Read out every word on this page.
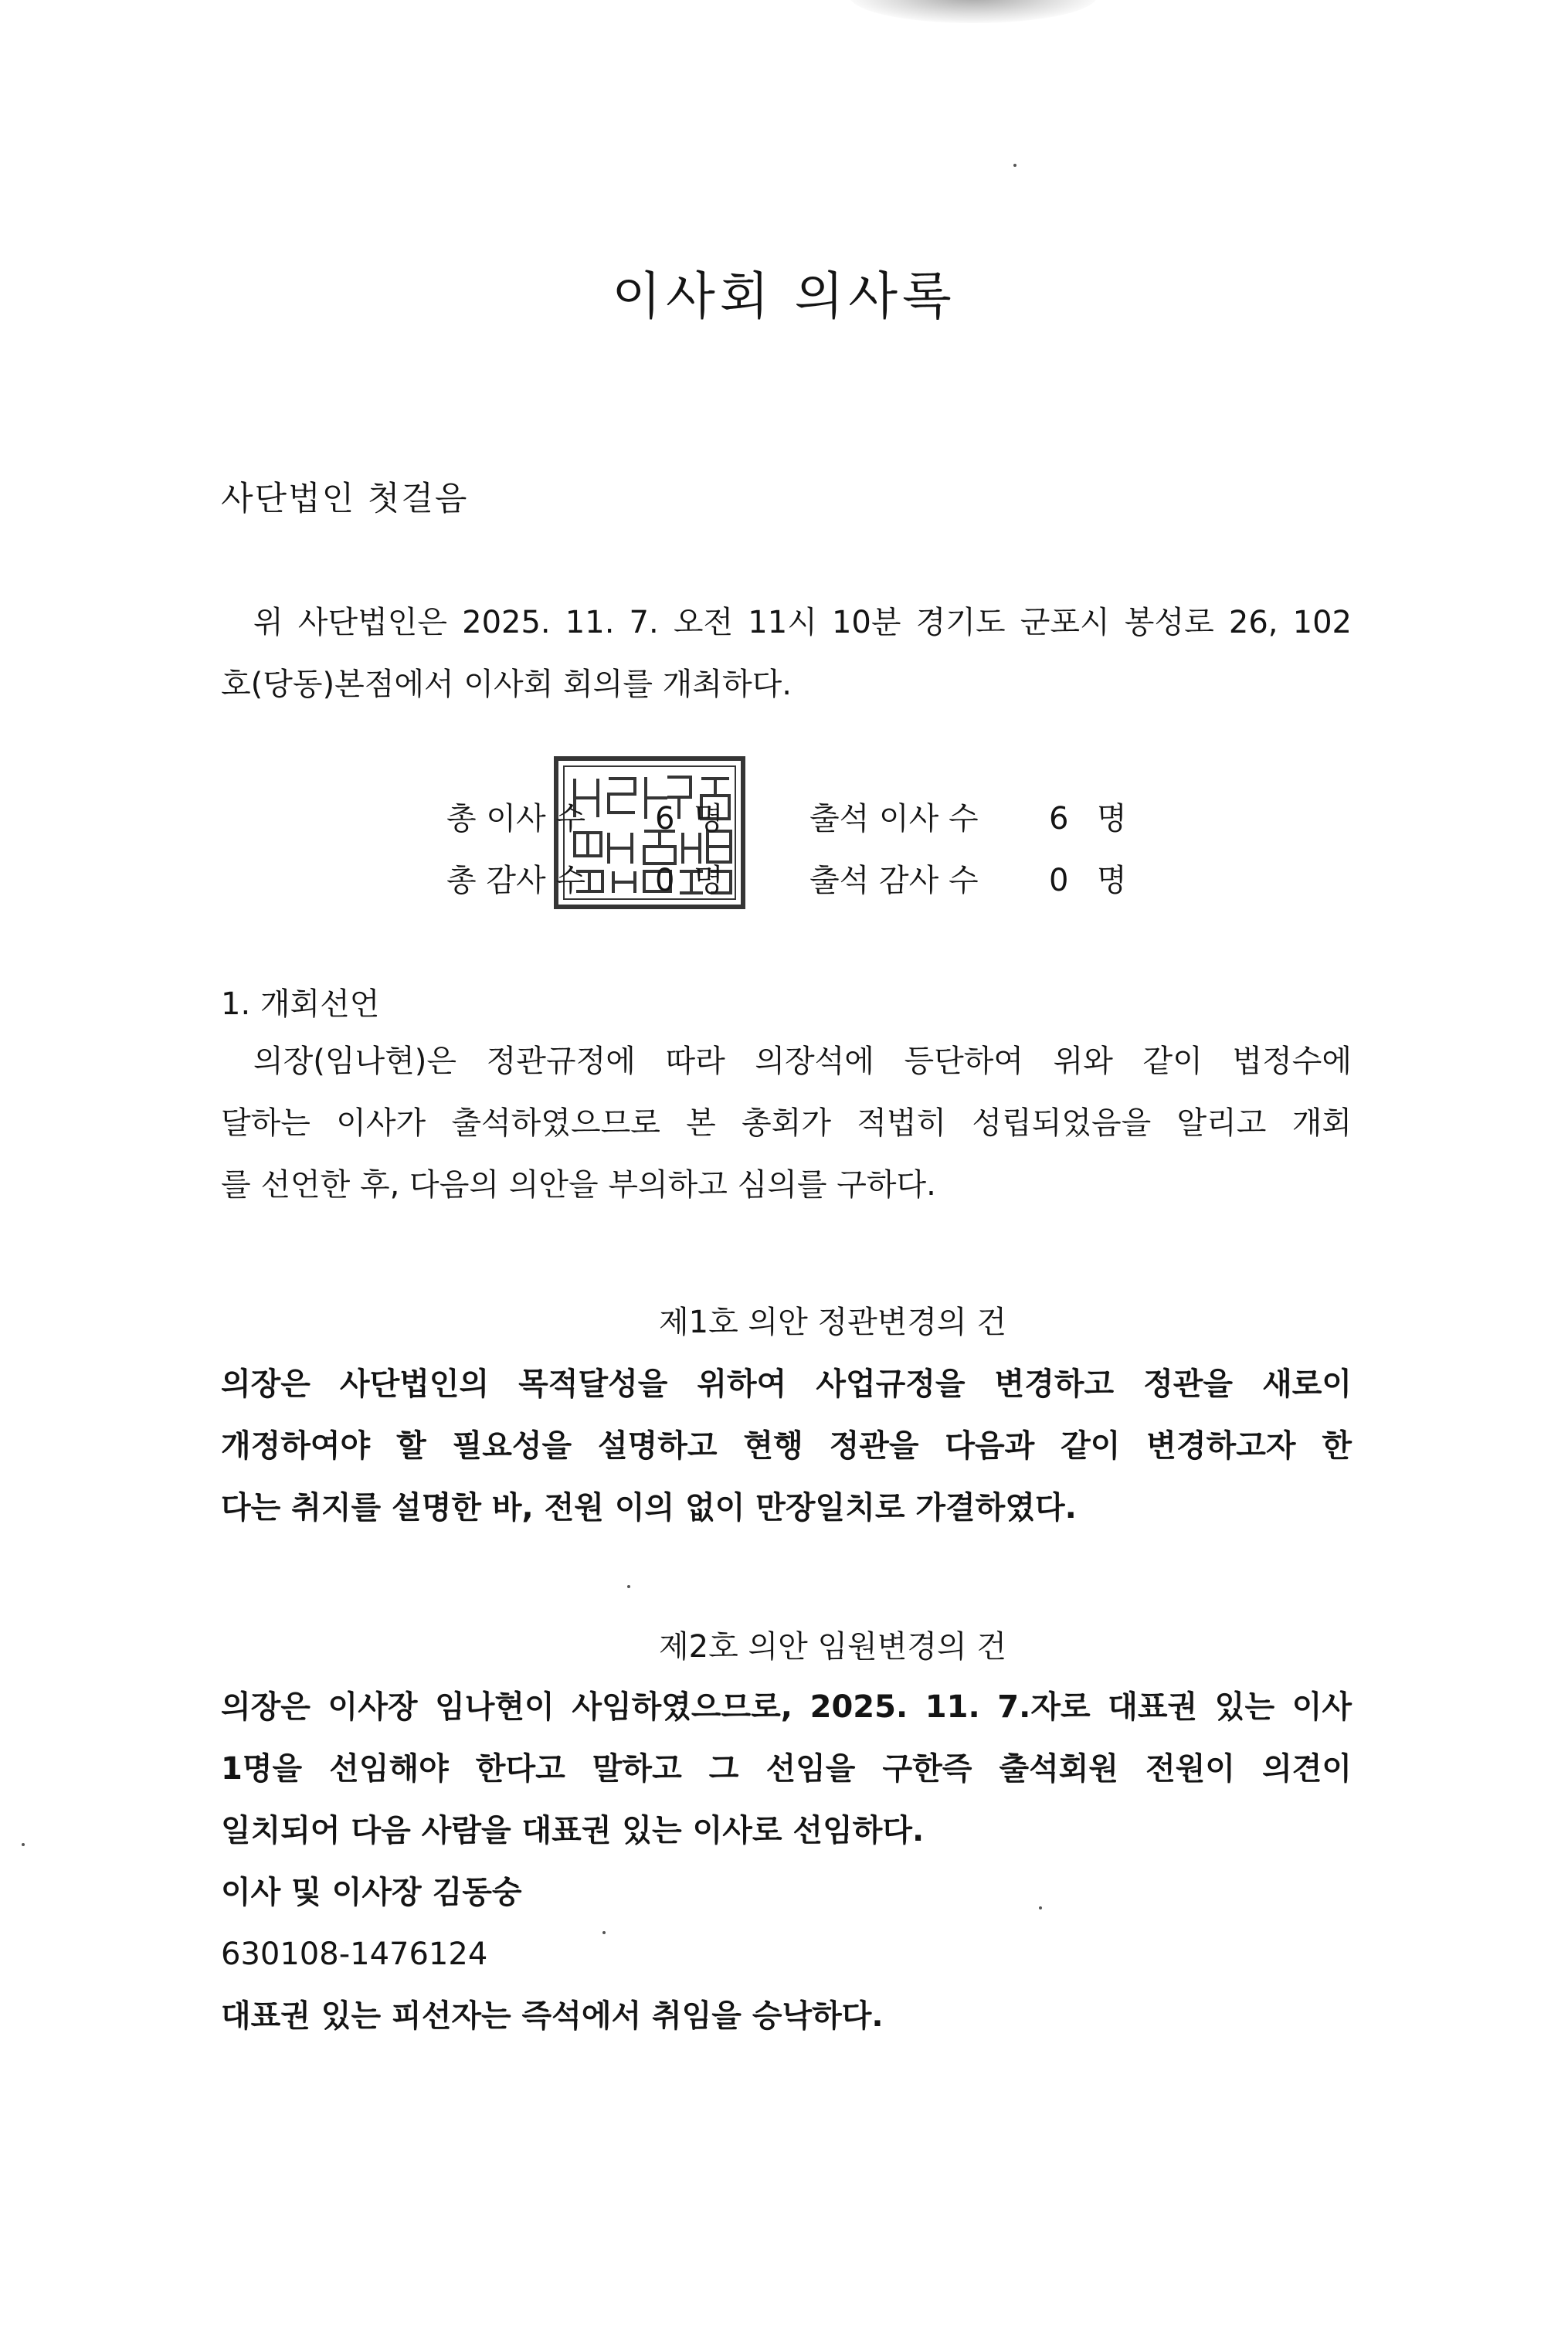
이사회 의사록
사단법인 첫걸음
위 사단법인은 2025. 11. 7. 오전 11시 10분 경기도 군포시 봉성로 26, 102
호(당동)본점에서 이사회 회의를 개최하다.
총 이사 수 6 명	출석 이사 수 6 명
총 감사 수 0 명	출석 감사 수 0 명
1. 개회선언
의장(임나현)은 정관규정에 따라 의장석에 등단하여 위와 같이 법정수에
달하는 이사가 출석하였으므로 본 총회가 적법히 성립되었음을 알리고 개회
를 선언한 후, 다음의 의안을 부의하고 심의를 구하다.
제1호 의안 정관변경의 건
의장은 사단법인의 목적달성을 위하여 사업규정을 변경하고 정관을 새로이
개정하여야 할 필요성을 설명하고 현행 정관을 다음과 같이 변경하고자 한
다는 취지를 설명한 바, 전원 이의 없이 만장일치로 가결하였다.
제2호 의안 임원변경의 건
의장은 이사장 임나현이 사임하였으므로, 2025. 11. 7.자로 대표권 있는 이사
1명을 선임해야 한다고 말하고 그 선임을 구한즉 출석회원 전원이 의견이
일치되어 다음 사람을 대표권 있는 이사로 선임하다.
이사 및 이사장 김동숭
630108-1476124
대표권 있는 피선자는 즉석에서 취임을 승낙하다.
